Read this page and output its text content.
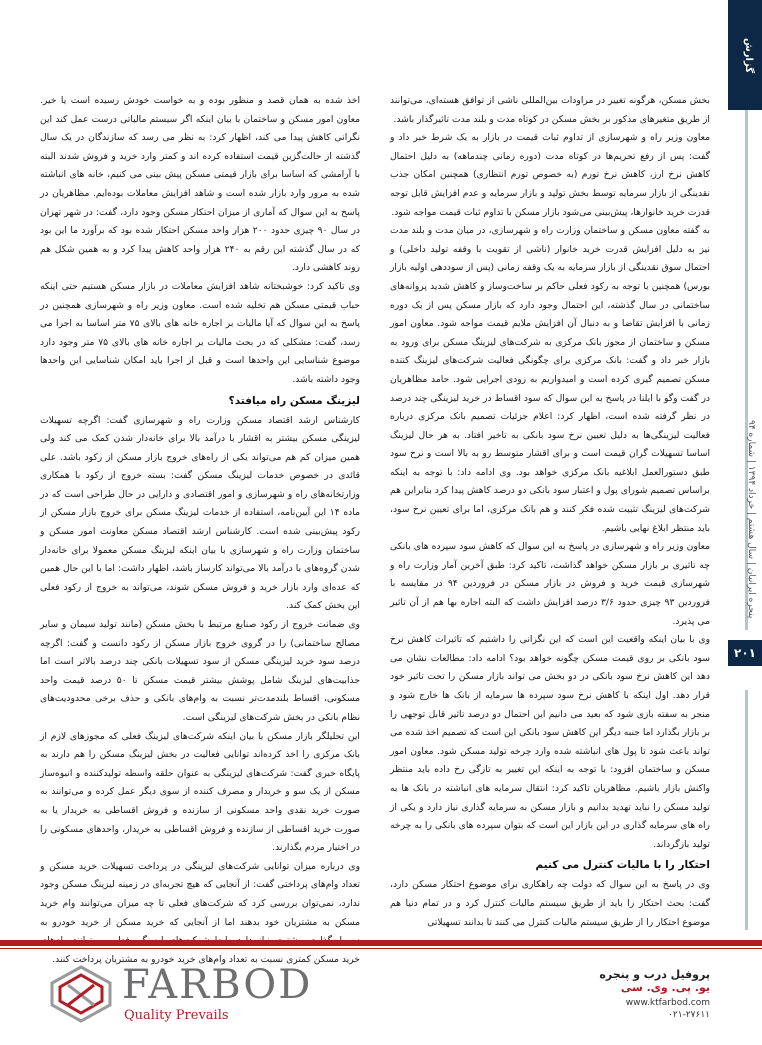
گزارش
پنجره ایرانیان | سال هشتم | خرداد ۱۳۹۴ | شماره ۹۴
۲۰۱

بخش مسکن، هرگونه تغییر در مراودات بین‌المللی ناشی از توافق هسته‌ای، می‌توانند از طریق متغیرهای مذکور بر بخش مسکن در کوتاه مدت و بلند مدت تاثیرگذار باشد.

معاون وزیر راه و شهرسازی از تداوم ثبات قیمت در بازار به یک شرط خبر داد و گفت: پس از رفع تحریم‌ها در کوتاه مدت (دوره زمانی چندماهه) به دلیل احتمال کاهش نرخ ارز، کاهش نرخ تورم (به خصوص تورم انتظاری) همچنین امکان جذب نقدینگی از بازار سرمایه توسط بخش تولید و بازار سرمایه و عدم افزایش قابل توجه قدرت خرید خانوارها، پیش‌بینی می‌شود بازار مسکن با تداوم ثبات قیمت مواجه شود.

به گفته معاون مسکن و ساختمان وزارت راه و شهرسازی، در میان مدت و بلند مدت نیز به دلیل افزایش قدرت خرید خانوار (ناشی از تقویت با وقفه تولید داخلی) و احتمال سوق نقدینگی از بازار سرمایه به یک وقفه زمانی (پس از سوددهی اولیه بازار بورس) همچنین با توجه به رکود فعلی حاکم بر ساخت‌وساز و کاهش شدید پروانه‌های ساختمانی در سال گذشته، این احتمال وجود دارد که بازار مسکن پس از یک دوره زمانی با افزایش تقاضا و به دنبال آن افزایش ملایم قیمت مواجه شود. معاون امور مسکن و ساختمان از مجوز بانک مرکزی به شرکت‌های لیزینگ مسکن برای ورود به بازار خبر داد و گفت: بانک مرکزی برای چگونگی فعالیت شرکت‌های لیزینگ کننده مسکن تصمیم گیری کرده است و امیدواریم به زودی اجرایی شود. حامد مظاهریان در گفت وگو با ایلنا در پاسخ به این سوال که سود اقساط در خرید لیزینگی چند درصد در نظر گرفته شده است، اظهار کرد: اعلام جزئیات تصمیم بانک مرکزی درباره فعالیت لیزینگی‌ها به دلیل تعیین نرخ سود بانکی به تاخیر افتاد. به هر حال لیزینگ اساسا تسهیلات گران قیمت است و برای اقشار متوسط رو به بالا است و نرخ سود طبق دستورالعمل ابلاغیه بانک مرکزی خواهد بود. وی ادامه داد: با توجه به اینکه براساس تصمیم شورای پول و اعتبار سود بانکی دو درصد کاهش پیدا کرد بنابراین هم شرکت‌های لیزینگ تثبیت شده فکر کنند و هم بانک مرکزی، اما برای تعیین نرخ سود، باید منتظر ابلاغ نهایی باشیم.

معاون وزیر راه و شهرسازی در پاسخ به این سوال که کاهش سود سپرده های بانکی چه تاثیری بر بازار مسکن خواهد گذاشت، تاکید کرد: طبق آخرین آمار وزارت راه و شهرسازی قیمت خرید و فروش در بازار مسکن در فروردین ۹۴ در مقایسه با فروردین ۹۳ چیزی حدود ۳/۶ درصد افزایش داشت که البته اجاره بها هم از آن تاثیر می پذیرد.

وی با بیان اینکه واقعیت این است که این نگرانی را داشتیم که تاثیرات کاهش نرخ سود بانکی بر روی قیمت مسکن چگونه خواهد بود؟ ادامه داد: مطالعات نشان می دهد این کاهش نرخ سود بانکی در دو بخش می تواند بازار مسکن را تحت تاثیر خود قرار دهد. اول اینکه با کاهش نرخ سود سپرده ها سرمایه از بانک ها خارج شود و منجر به سفته بازی شود که بعید می دانیم این احتمال دو درصد تاثیر قابل توجهی را بر بازار بگذارد اما جنبه دیگر این کاهش سود بانکی این است که تصمیم اخذ شده می تواند باعث شود تا پول های انباشته شده وارد چرخه تولید مسکن شود. معاون امور مسکن و ساختمان افزود: با توجه به اینکه این تغییر به تازگی رخ داده باید منتظر واکنش بازار باشیم. مظاهریان تاکید کرد: انتقال سرمایه های انباشته در بانک ها به تولید مسکن را نباید تهدید بدانیم و بازار مسکن به سرمایه گذاری نیاز دارد و یکی از راه های سرمایه گذاری در این بازار این است که بتوان سپرده های بانکی را به چرخه تولید بازگرداند.

احتکار را با مالیات کنترل می کنیم

وی در پاسخ به این سوال که دولت چه راهکاری برای موضوع احتکار مسکن دارد، گفت: بحث احتکار را باید از طریق سیستم مالیات کنترل کرد و در تمام دنیا هم موضوع احتکار را از طریق سیستم مالیات کنترل می کنند تا بدانند تسهیلاتی

اخذ شده به همان قصد و منظور بوده و به خواست خودش رسیده است یا خیر. معاون امور مسکن و ساختمان با بیان اینکه اگر سیستم مالیاتی درست عمل کند این نگرانی کاهش پیدا می کند، اظهار کرد: به نظر می رسد که سازندگان در یک سال گذشته از حالت‌گزین قیمت استفاده کرده اند و کمتر وارد خرید و فروش شدند البته با آرامشی که اساسا برای بازار قیمتی مسکن پیش بینی می کنیم، خانه های انباشته شده به مرور وارد بازار شده است و شاهد افزایش معاملات بوده‌ایم. مظاهریان در پاسخ به این سوال که آماری از میزان احتکار مسکن وجود دارد، گفت: در شهر تهران در سال ۹۰ چیزی حدود ۲۰۰ هزار واحد مسکن احتکار شده بود که برآورد ما این بود که در سال گذشته این رقم به ۲۴۰ هزار واحد کاهش پیدا کرد و به همین شکل هم روند کاهشی دارد.

وی تاکید کرد: خوشبختانه شاهد افزایش معاملات در بازار مسکن هستیم حتی اینکه حباب قیمتی مسکن هم تخلیه شده است. معاون وزیر راه و شهرسازی همچنین در پاسخ به این سوال که آیا مالیات بر اجاره خانه های بالای ۷۵ متر اساسا به اجرا می رسد، گفت: مشکلی که در بحث مالیات بر اجاره خانه های بالای ۷۵ متر وجود دارد موضوع شناسایی این واحدها است و قبل از اجرا باید امکان شناسایی این واحدها وجود داشته باشد.

لیزینگ مسکن راه میافتد؟

کارشناس ارشد اقتصاد مسکن وزارت راه و شهرسازی گفت: اگرچه تسهیلات لیزینگی مسکن بیشتر به اقشار با درآمد بالا برای خانه‌دار شدن کمک می کند ولی همین میزان کم هم می‌تواند یکی از راه‌های خروج بازار مسکن از رکود باشد. علی قائدی در خصوص خدمات لیزینگ مسکن گفت: بسته خروج از رکود با همکاری وزارتخانه‌های راه و شهرسازی و امور اقتصادی و دارایی در حال طراحی است که در ماده ۱۴ این آیین‌نامه، استفاده از خدمات لیزینگ مسکن برای خروج بازار مسکن از رکود پیش‌بینی شده است. کارشناس ارشد اقتصاد مسکن معاونت امور مسکن و ساختمان وزارت راه و شهرسازی با بیان اینکه لیزینگ مسکن معمولا برای خانه‌دار شدن گروه‌های با درآمد بالا می‌تواند کارساز باشد، اظهار داشت: اما با این حال همین که عده‌ای وارد بازار خرید و فروش مسکن شوند، می‌تواند به خروج از رکود فعلی این بخش کمک کند.

وی ضمانت خروج از رکود صنایع مرتبط با بخش مسکن (مانند تولید سیمان و سایر مصالح ساختمانی) را در گروی خروج بازار مسکن از رکود دانست و گفت: اگرچه درصد سود خرید لیزینگی مسکن از سود تسهیلات بانکی چند درصد بالاتر است اما جذابیت‌های لیزینگ شامل پوشش بیشتر قیمت مسکن تا ۵۰ درصد قیمت واحد مسکونی، اقساط بلندمدت‌تر نسبت به وام‌های بانکی و حذف برخی محدودیت‌های نظام بانکی در بخش شرکت‌های لیزینگی است.

این تحلیلگر بازار مسکن با بیان اینکه شرکت‌های لیزینگ فعلی که مجوزهای لازم از بانک مرکزی را اخذ کرده‌اند توانایی فعالیت در بخش لیزینگ مسکن را هم دارند به پایگاه خبری گفت: شرکت‌های لیزینگی به عنوان حلقه واسطه تولیدکننده و انبوه‌ساز مسکن از یک سو و خریدار و مصرف کننده از سوی دیگر عمل کرده و می‌توانند به صورت خرید نقدی واحد مسکونی از سازنده و فروش اقساطی به خریدار یا به صورت خرید اقساطی از سازنده و فروش اقساطی به خریدار، واحدهای مسکونی را در اختیار مردم بگذارند.

وی درباره میزان توانایی شرکت‌های لیزینگی در پرداخت تسهیلات خرید مسکن و تعداد وام‌های پرداختی گفت: از آنجایی که هیچ تجربه‌ای در زمینه لیزینگ مسکن وجود ندارد، نمی‌توان بررسی کرد که شرکت‌های فعلی تا چه میزان می‌توانند وام خرید مسکن به مشتریان خود بدهند اما از آنجایی که خرید مسکن از خرید خودرو به خرید مسکن کمتری نسبت به تعداد وام‌های خرید خودرو به مشتریان پرداخت کنند.

FARBOD
Quality Prevails
پروفیل درب و پنجره
یو. پی. وی. سی
www.ktfarbod.com
۰۲۱-۲۷۶۱۱
